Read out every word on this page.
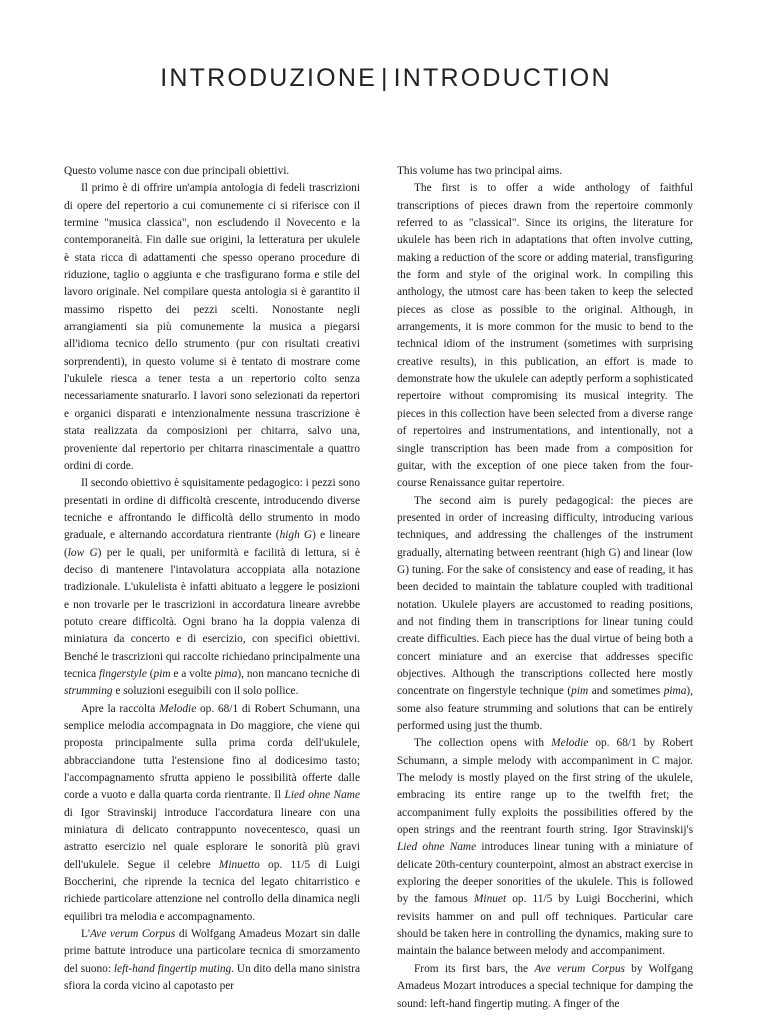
INTRODUZIONE | INTRODUCTION

Questo volume nasce con due principali obiettivi.

Il primo è di offrire un'ampia antologia di fedeli trascrizioni di opere del repertorio a cui comunemente ci si riferisce con il termine "musica classica", non escludendo il Novecento e la contemporaneità. Fin dalle sue origini, la letteratura per ukulele è stata ricca di adattamenti che spesso operano procedure di riduzione, taglio o aggiunta e che trasfigurano forma e stile del lavoro originale. Nel compilare questa antologia si è garantito il massimo rispetto dei pezzi scelti. Nonostante negli arrangiamenti sia più comunemente la musica a piegarsi all'idioma tecnico dello strumento (pur con risultati creativi sorprendenti), in questo volume si è tentato di mostrare come l'ukulele riesca a tener testa a un repertorio colto senza necessariamente snaturarlo. I lavori sono selezionati da repertori e organici disparati e intenzionalmente nessuna trascrizione è stata realizzata da composizioni per chitarra, salvo una, proveniente dal repertorio per chitarra rinascimentale a quattro ordini di corde.

Il secondo obiettivo è squisitamente pedagogico: i pezzi sono presentati in ordine di difficoltà crescente, introducendo diverse tecniche e affrontando le difficoltà dello strumento in modo graduale, e alternando accordatura rientrante (high G) e lineare (low G) per le quali, per uniformità e facilità di lettura, si è deciso di mantenere l'intavolatura accoppiata alla notazione tradizionale. L'ukulelista è infatti abituato a leggere le posizioni e non trovarle per le trascrizioni in accordatura lineare avrebbe potuto creare difficoltà. Ogni brano ha la doppia valenza di miniatura da concerto e di esercizio, con specifici obiettivi. Benché le trascrizioni qui raccolte richiedano principalmente una tecnica fingerstyle (pim e a volte pima), non mancano tecniche di strumming e soluzioni eseguibili con il solo pollice.

Apre la raccolta Melodie op. 68/1 di Robert Schumann, una semplice melodia accompagnata in Do maggiore, che viene qui proposta principalmente sulla prima corda dell'ukulele, abbracciandone tutta l'estensione fino al dodicesimo tasto; l'accompagnamento sfrutta appieno le possibilità offerte dalle corde a vuoto e dalla quarta corda rientrante. Il Lied ohne Name di Igor Stravinskij introduce l'accordatura lineare con una miniatura di delicato contrappunto novecentesco, quasi un astratto esercizio nel quale esplorare le sonorità più gravi dell'ukulele. Segue il celebre Minuetto op. 11/5 di Luigi Boccherini, che riprende la tecnica del legato chitarristico e richiede particolare attenzione nel controllo della dinamica negli equilibri tra melodia e accompagnamento.

L'Ave verum Corpus di Wolfgang Amadeus Mozart sin dalle prime battute introduce una particolare tecnica di smorzamento del suono: left-hand fingertip muting. Un dito della mano sinistra sfiora la corda vicino al capotasto per

This volume has two principal aims.

The first is to offer a wide anthology of faithful transcriptions of pieces drawn from the repertoire commonly referred to as "classical". Since its origins, the literature for ukulele has been rich in adaptations that often involve cutting, making a reduction of the score or adding material, transfiguring the form and style of the original work. In compiling this anthology, the utmost care has been taken to keep the selected pieces as close as possible to the original. Although, in arrangements, it is more common for the music to bend to the technical idiom of the instrument (sometimes with surprising creative results), in this publication, an effort is made to demonstrate how the ukulele can adeptly perform a sophisticated repertoire without compromising its musical integrity. The pieces in this collection have been selected from a diverse range of repertoires and instrumentations, and intentionally, not a single transcription has been made from a composition for guitar, with the exception of one piece taken from the four-course Renaissance guitar repertoire.

The second aim is purely pedagogical: the pieces are presented in order of increasing difficulty, introducing various techniques, and addressing the challenges of the instrument gradually, alternating between reentrant (high G) and linear (low G) tuning. For the sake of consistency and ease of reading, it has been decided to maintain the tablature coupled with traditional notation. Ukulele players are accustomed to reading positions, and not finding them in transcriptions for linear tuning could create difficulties. Each piece has the dual virtue of being both a concert miniature and an exercise that addresses specific objectives. Although the transcriptions collected here mostly concentrate on fingerstyle technique (pim and sometimes pima), some also feature strumming and solutions that can be entirely performed using just the thumb.

The collection opens with Melodie op. 68/1 by Robert Schumann, a simple melody with accompaniment in C major. The melody is mostly played on the first string of the ukulele, embracing its entire range up to the twelfth fret; the accompaniment fully exploits the possibilities offered by the open strings and the reentrant fourth string. Igor Stravinskij's Lied ohne Name introduces linear tuning with a miniature of delicate 20th-century counterpoint, almost an abstract exercise in exploring the deeper sonorities of the ukulele. This is followed by the famous Minuet op. 11/5 by Luigi Boccherini, which revisits hammer on and pull off techniques. Particular care should be taken here in controlling the dynamics, making sure to maintain the balance between melody and accompaniment.

From its first bars, the Ave verum Corpus by Wolfgang Amadeus Mozart introduces a special technique for damping the sound: left-hand fingertip muting. A finger of the
